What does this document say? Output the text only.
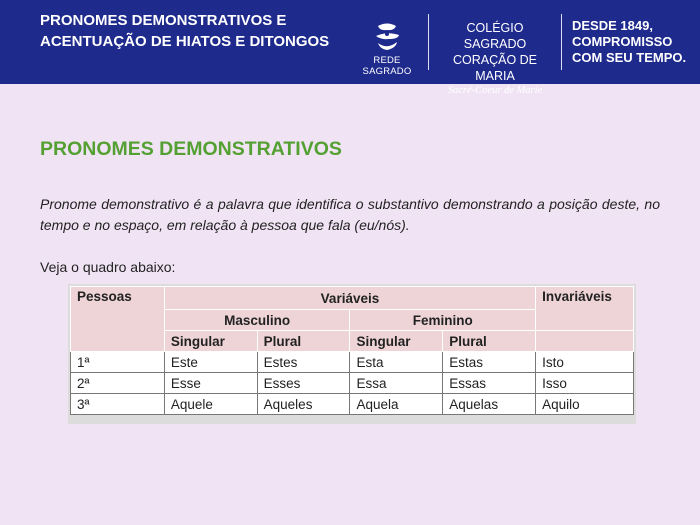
PRONOMES DEMONSTRATIVOS E
ACENTUAÇÃO DE HIATOS E DITONGOS
REDE SAGRADO
COLÉGIO SAGRADO
CORAÇÃO DE MARIA
Sacré-Coeur de Marie
DESDE 1849,
COMPROMISSO
COM SEU TEMPO.
PRONOMES DEMONSTRATIVOS
Pronome demonstrativo é a palavra que identifica o substantivo demonstrando a posição deste, no tempo e no espaço, em relação à pessoa que fala (eu/nós).
Veja o quadro abaixo:
Pessoas	Variáveis				Invariáveis
	Masculino		Feminino		
	Singular	Plural	Singular	Plural	
1ª	Este	Estes	Esta	Estas	Isto
2ª	Esse	Esses	Essa	Essas	Isso
3ª	Aquele	Aqueles	Aquela	Aquelas	Aquilo
